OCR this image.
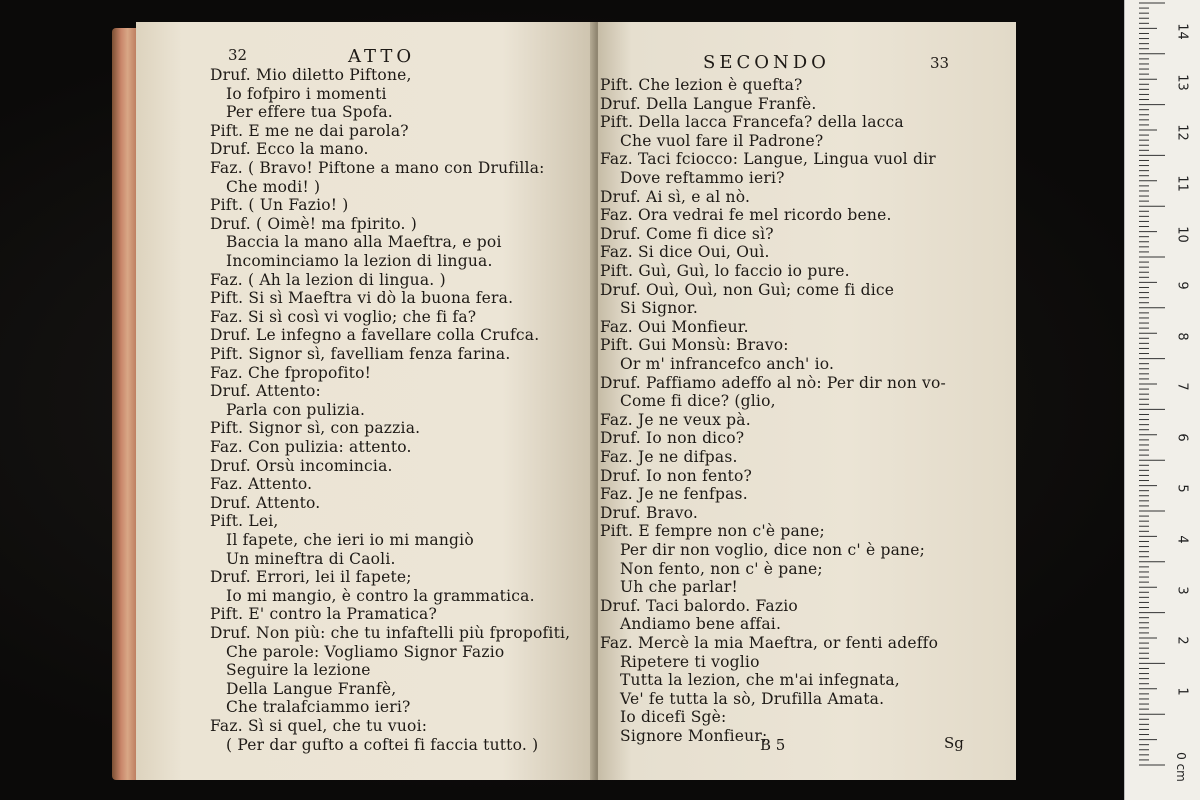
32	ATTO
Druf. Mio diletto Piftone,
Io fofpiro i momenti
Per effere tua Spofa.
Pift. E me ne dai parola?
Druf. Ecco la mano.
Faz. ( Bravo! Piftone a mano con Drufilla:
Che modi! )
Pift. ( Un Fazio! )
Druf. ( Oimè! ma fpirito. )
Baccia la mano alla Maeftra, e poi
Incominciamo la lezion di lingua.
Faz. ( Ah la lezion di lingua. )
Pift. Si sì Maeftra vi dò la buona fera.
Faz. Si sì così vi voglio; che fi fa?
Druf. Le infegno a favellare colla Crufca.
Pift. Signor sì, favelliam fenza farina.
Faz. Che fpropofito!
Druf. Attento:
Parla con pulizia.
Pift. Signor sì, con pazzia.
Faz. Con pulizia: attento.
Druf. Orsù incomincia.
Faz. Attento.
Druf. Attento.
Pift. Lei,
Il fapete, che ieri io mi mangiò
Un mineftra di Caoli.
Druf. Errori, lei il fapete;
Io mi mangio, è contro la grammatica.
Pift. E' contro la Pramatica?
Druf. Non più: che tu infaftelli più fpropofiti,
Che parole: Vogliamo Signor Fazio
Seguire la lezione
Della Langue Franfè,
Che tralafciammo ieri?
Faz. Sì si quel, che tu vuoi:
( Per dar gufto a coftei fi faccia tutto. )
SECONDO	33
Pift. Che lezion è quefta?
Druf. Della Langue Franfè.
Pift. Della lacca Francefa? della lacca
Che vuol fare il Padrone?
Faz. Taci fciocco: Langue, Lingua vuol dir
Dove reftammo ieri?
Druf. Ai sì, e al nò.
Faz. Ora vedrai fe mel ricordo bene.
Druf. Come fi dice sì?
Faz. Si dice Oui, Ouì.
Pift. Guì, Guì, lo faccio io pure.
Druf. Ouì, Ouì, non Guì; come fi dice
Si Signor.
Faz. Oui Monfieur.
Pift. Gui Monsù: Bravo:
Or m' infrancefco anch' io.
Druf. Paffiamo adeffo al nò: Per dir non vo-
Come fi dice? (glio,
Faz. Je ne veux pà.
Druf. Io non dico?
Faz. Je ne difpas.
Druf. Io non fento?
Faz. Je ne fenfpas.
Druf. Bravo.
Pift. E fempre non c'è pane;
Per dir non voglio, dice non c' è pane;
Non fento, non c' è pane;
Uh che parlar!
Druf. Taci balordo. Fazio
Andiamo bene affai.
Faz. Mercè la mia Maeftra, or fenti adeffo
Ripetere ti voglio
Tutta la lezion, che m'ai infegnata,
Ve' fe tutta la sò, Drufilla Amata.
Io dicefi Sgè:
Signore Monfieur;
B 5	Sg
1
2
3
4
5
6
7
8
9
10
11
12
13
14
0 cm
